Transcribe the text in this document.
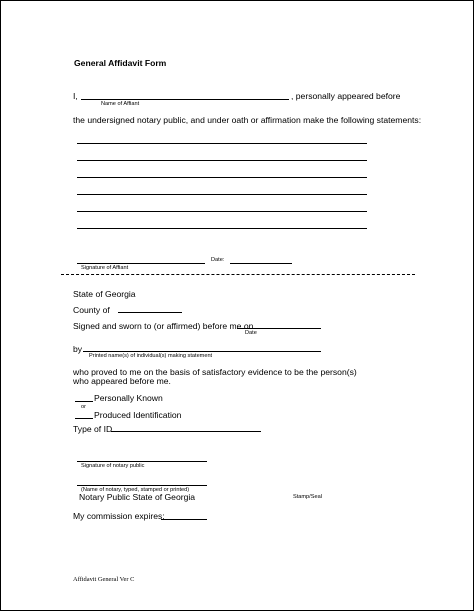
General Affidavit Form
I,	, personally appeared before
Name of Affiant
the undersigned notary public, and under oath or affirmation make the following statements:
Signature of Affiant
Date:
State of Georgia
County of
Signed and sworn to (or affirmed) before me on
Date
by
Printed name(s) of individual(s) making statement
who proved to me on the basis of satisfactory evidence to be the person(s)
who appeared before me.
Personally Known
or
Produced Identification
Type of ID
Signature of notary public
(Name of notary, typed, stamped or printed)
Notary Public State of Georgia	Stamp/Seal
My commission expires:
Affidavit General Ver C
